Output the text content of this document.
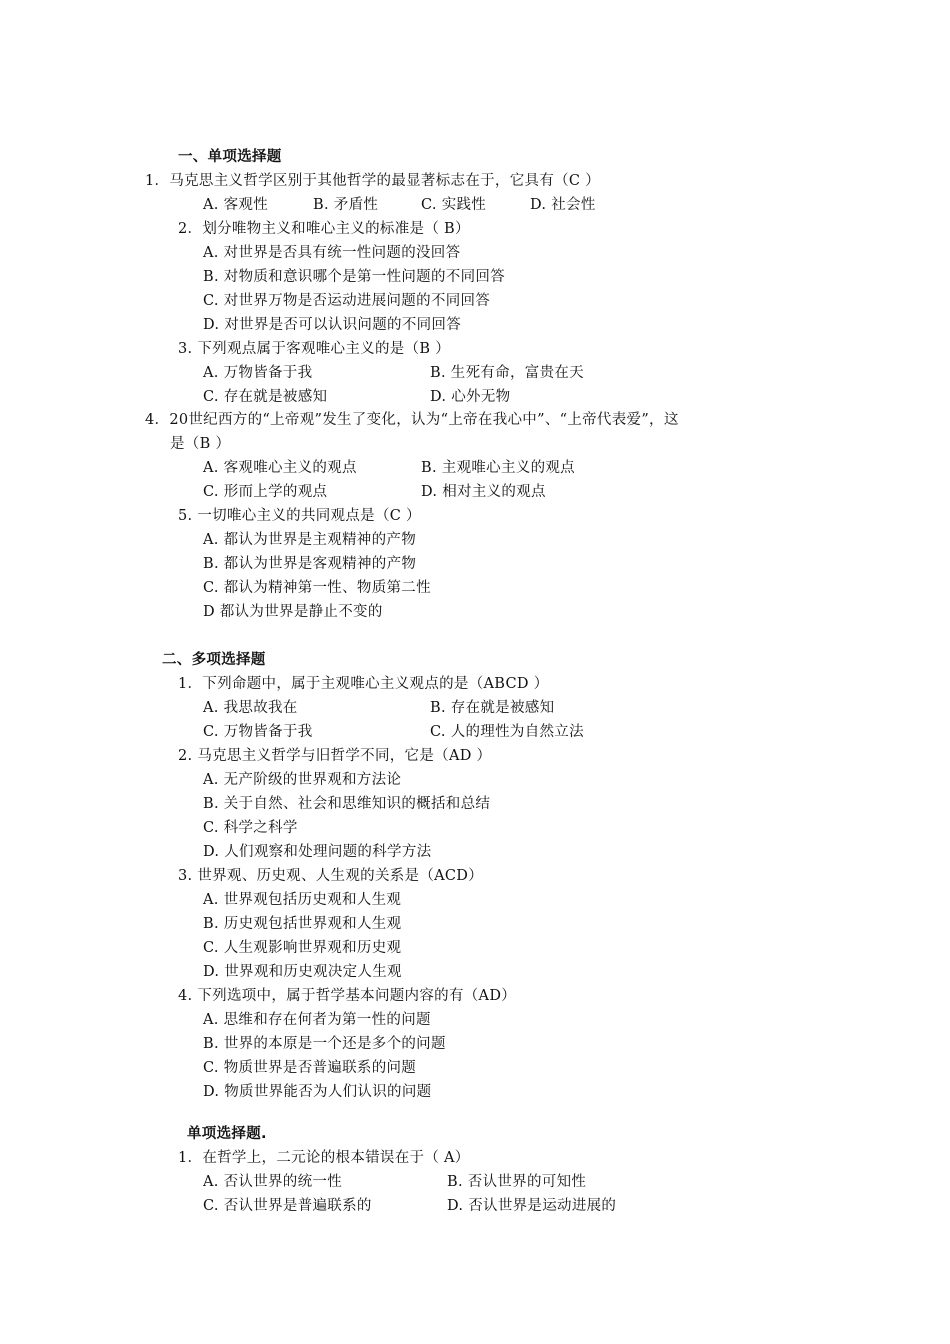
一、单项选择题
1．马克思主义哲学区别于其他哲学的最显著标志在于，它具有（C ）
A. 客观性	B. 矛盾性	C. 实践性	D. 社会性
2．划分唯物主义和唯心主义的标准是（ B）
A. 对世界是否具有统一性问题的没回答
B. 对物质和意识哪个是第一性问题的不同回答
C. 对世界万物是否运动进展问题的不同回答
D. 对世界是否可以认识问题的不同回答
3. 下列观点属于客观唯心主义的是（B ）
A. 万物皆备于我	B. 生死有命，富贵在天
C. 存在就是被感知	D. 心外无物
4．20世纪西方的“上帝观”发生了变化，认为“上帝在我心中”、“上帝代表爱”，这
是（B ）
A. 客观唯心主义的观点	B. 主观唯心主义的观点
C. 形而上学的观点	D. 相对主义的观点
5. 一切唯心主义的共同观点是（C ）
A. 都认为世界是主观精神的产物
B. 都认为世界是客观精神的产物
C. 都认为精神第一性、物质第二性
D 都认为世界是静止不变的
二、多项选择题
1．下列命题中，属于主观唯心主义观点的是（ABCD ）
A. 我思故我在	B. 存在就是被感知
C. 万物皆备于我	C. 人的理性为自然立法
2. 马克思主义哲学与旧哲学不同，它是（AD ）
A. 无产阶级的世界观和方法论
B. 关于自然、社会和思维知识的概括和总结
C. 科学之科学
D. 人们观察和处理问题的科学方法
3. 世界观、历史观、人生观的关系是（ACD）
A. 世界观包括历史观和人生观
B. 历史观包括世界观和人生观
C. 人生观影响世界观和历史观
D. 世界观和历史观决定人生观
4. 下列选项中，属于哲学基本问题内容的有（AD）
A. 思维和存在何者为第一性的问题
B. 世界的本原是一个还是多个的问题
C. 物质世界是否普遍联系的问题
D. 物质世界能否为人们认识的问题
单项选择题.
1．在哲学上，二元论的根本错误在于（ A）
A. 否认世界的统一性	B. 否认世界的可知性
C. 否认世界是普遍联系的	D. 否认世界是运动进展的
